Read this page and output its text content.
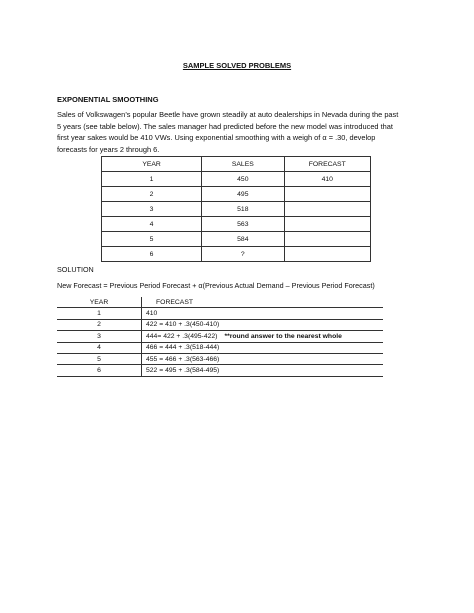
SAMPLE SOLVED PROBLEMS
EXPONENTIAL SMOOTHING
Sales of Volkswagen’s popular Beetle have grown steadily at auto dealerships in Nevada during the past
5 years (see table below). The sales manager had predicted before the new model was introduced that
first year sakes would be 410 VWs. Using exponential smoothing with a weigh of α = .30, develop
forecasts for years 2 through 6.
YEAR	SALES	FORECAST
1	450	410
2	495	
3	518	
4	563	
5	584	
6	?	
SOLUTION
New Forecast = Previous Period Forecast + α(Previous Actual Demand – Previous Period Forecast)
YEAR	FORECAST
1	410
2	422 = 410 + .3(450-410)
3	444= 422 + .3(495-422) **round answer to the nearest whole
4	466 = 444 + .3(518-444)
5	455 = 466 + .3(563-466)
6	522 = 495 + .3(584-495)
